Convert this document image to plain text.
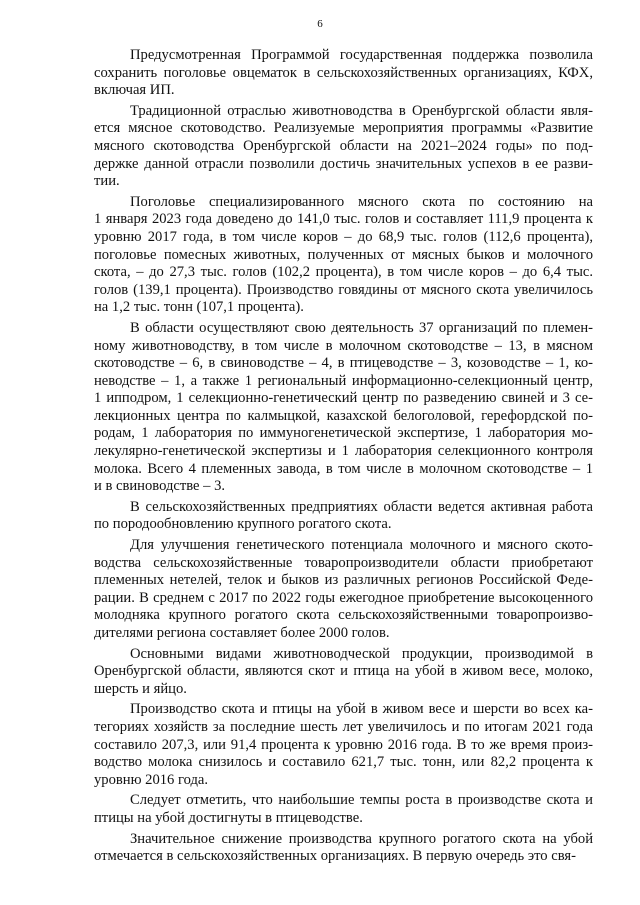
6
Предусмотренная Программой государственная поддержка позволила
сохранить поголовье овцематок в сельскохозяйственных организациях, КФХ,
включая ИП.
Традиционной отраслью животноводства в Оренбургской области явля-
ется мясное скотоводство. Реализуемые мероприятия программы «Развитие
мясного скотоводства Оренбургской области на 2021–2024 годы» по под-
держке данной отрасли позволили достичь значительных успехов в ее разви-
тии.
Поголовье специализированного мясного скота по состоянию на
1 января 2023 года доведено до 141,0 тыс. голов и составляет 111,9 процента к
уровню 2017 года, в том числе коров – до 68,9 тыс. голов (112,6 процента),
поголовье помесных животных, полученных от мясных быков и молочного
скота, – до 27,3 тыс. голов (102,2 процента), в том числе коров – до 6,4 тыс.
голов (139,1 процента). Производство говядины от мясного скота увеличилось
на 1,2 тыс. тонн (107,1 процента).
В области осуществляют свою деятельность 37 организаций по племен-
ному животноводству, в том числе в молочном скотоводстве – 13, в мясном
скотоводстве – 6, в свиноводстве – 4, в птицеводстве – 3, козоводстве – 1, ко-
неводстве – 1, а также 1 региональный информационно-селекционный центр,
1 ипподром, 1 селекционно-генетический центр по разведению свиней и 3 се-
лекционных центра по калмыцкой, казахской белоголовой, герефордской по-
родам, 1 лаборатория по иммуногенетической экспертизе, 1 лаборатория мо-
лекулярно-генетической экспертизы и 1 лаборатория селекционного контроля
молока. Всего 4 племенных завода, в том числе в молочном скотоводстве – 1
и в свиноводстве – 3.
В сельскохозяйственных предприятиях области ведется активная работа
по породообновлению крупного рогатого скота.
Для улучшения генетического потенциала молочного и мясного ското-
водства сельскохозяйственные товаропроизводители области приобретают
племенных нетелей, телок и быков из различных регионов Российской Феде-
рации. В среднем с 2017 по 2022 годы ежегодное приобретение высокоценного
молодняка крупного рогатого скота сельскохозяйственными товаропроизво-
дителями региона составляет более 2000 голов.
Основными видами животноводческой продукции, производимой в
Оренбургской области, являются скот и птица на убой в живом весе, молоко,
шерсть и яйцо.
Производство скота и птицы на убой в живом весе и шерсти во всех ка-
тегориях хозяйств за последние шесть лет увеличилось и по итогам 2021 года
составило 207,3, или 91,4 процента к уровню 2016 года. В то же время произ-
водство молока снизилось и составило 621,7 тыс. тонн, или 82,2 процента к
уровню 2016 года.
Следует отметить, что наибольшие темпы роста в производстве скота и
птицы на убой достигнуты в птицеводстве.
Значительное снижение производства крупного рогатого скота на убой
отмечается в сельскохозяйственных организациях. В первую очередь это свя-
